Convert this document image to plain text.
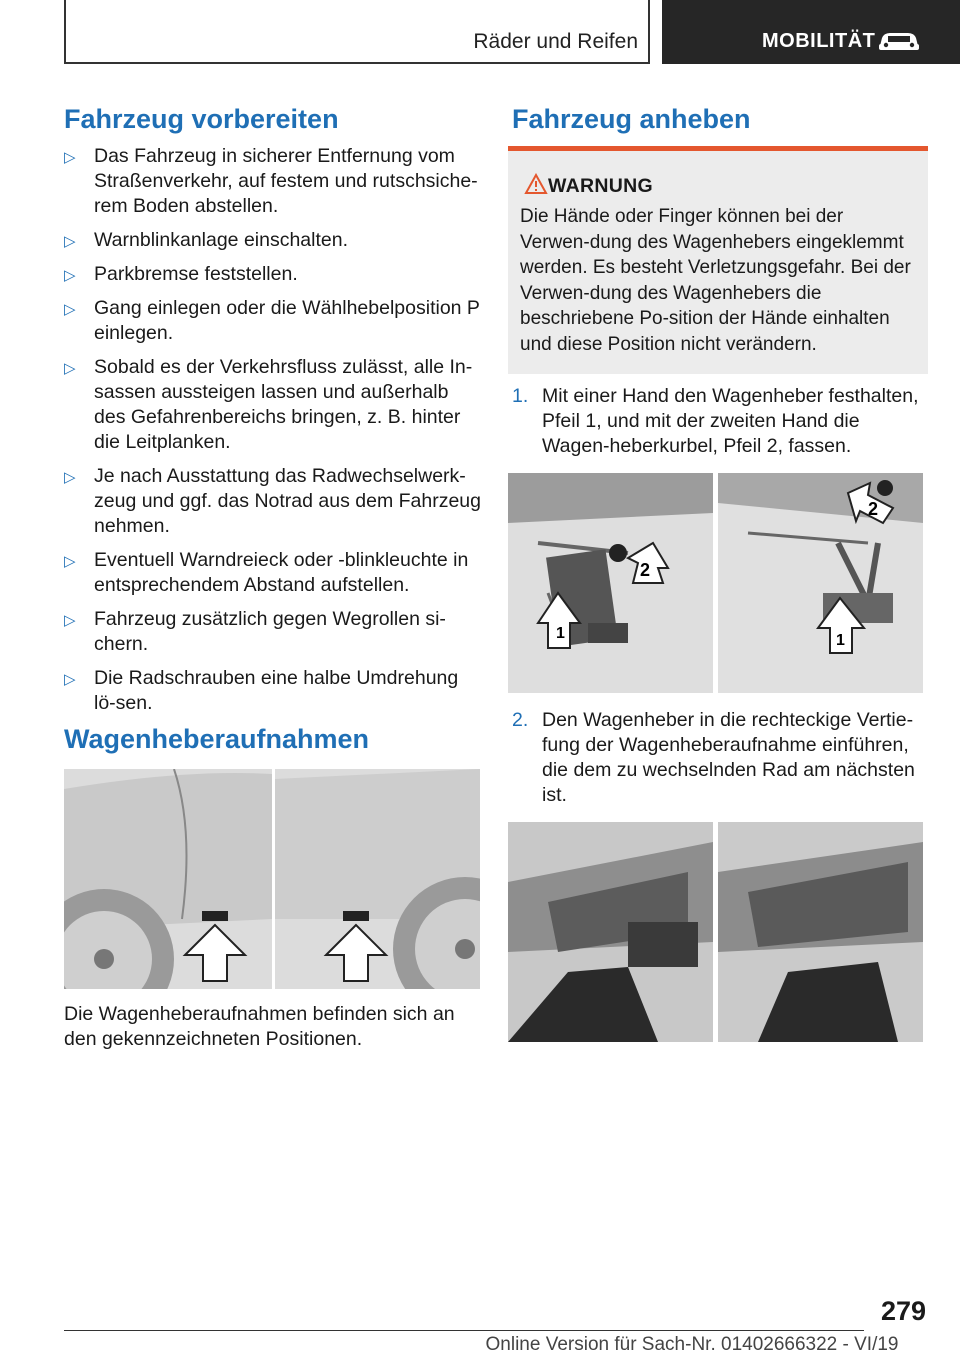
Räder und Reifen	MOBILITÄT
Fahrzeug vorbereiten
▷ Das Fahrzeug in sicherer Entfernung vom Straßenverkehr, auf festem und rutschsiche‐rem Boden abstellen.
▷ Warnblinkanlage einschalten.
▷ Parkbremse feststellen.
▷ Gang einlegen oder die Wählhebelposition P einlegen.
▷ Sobald es der Verkehrsfluss zulässt, alle In‐sassen aussteigen lassen und außerhalb des Gefahrenbereichs bringen, z. B. hinter die Leitplanken.
▷ Je nach Ausstattung das Radwechselwerk‐zeug und ggf. das Notrad aus dem Fahrzeug nehmen.
▷ Eventuell Warndreieck oder -blinkleuchte in entsprechendem Abstand aufstellen.
▷ Fahrzeug zusätzlich gegen Wegrollen si‐chern.
▷ Die Radschrauben eine halbe Umdrehung lö‐sen.
Wagenheberaufnahmen
Die Wagenheberaufnahmen befinden sich an den gekennzeichneten Positionen.
Fahrzeug anheben
WARNUNG
Die Hände oder Finger können bei der Verwen‐dung des Wagenhebers eingeklemmt werden. Es besteht Verletzungsgefahr. Bei der Verwen‐dung des Wagenhebers die beschriebene Po‐sition der Hände einhalten und diese Position nicht verändern.
1. Mit einer Hand den Wagenheber festhalten, Pfeil 1, und mit der zweiten Hand die Wagen‐heberkurbel, Pfeil 2, fassen.
1
2
2
1
2. Den Wagenheber in die rechteckige Vertie‐fung der Wagenheberaufnahme einführen, die dem zu wechselnden Rad am nächsten ist.
279
Online Version für Sach-Nr. 01402666322 - VI/19
